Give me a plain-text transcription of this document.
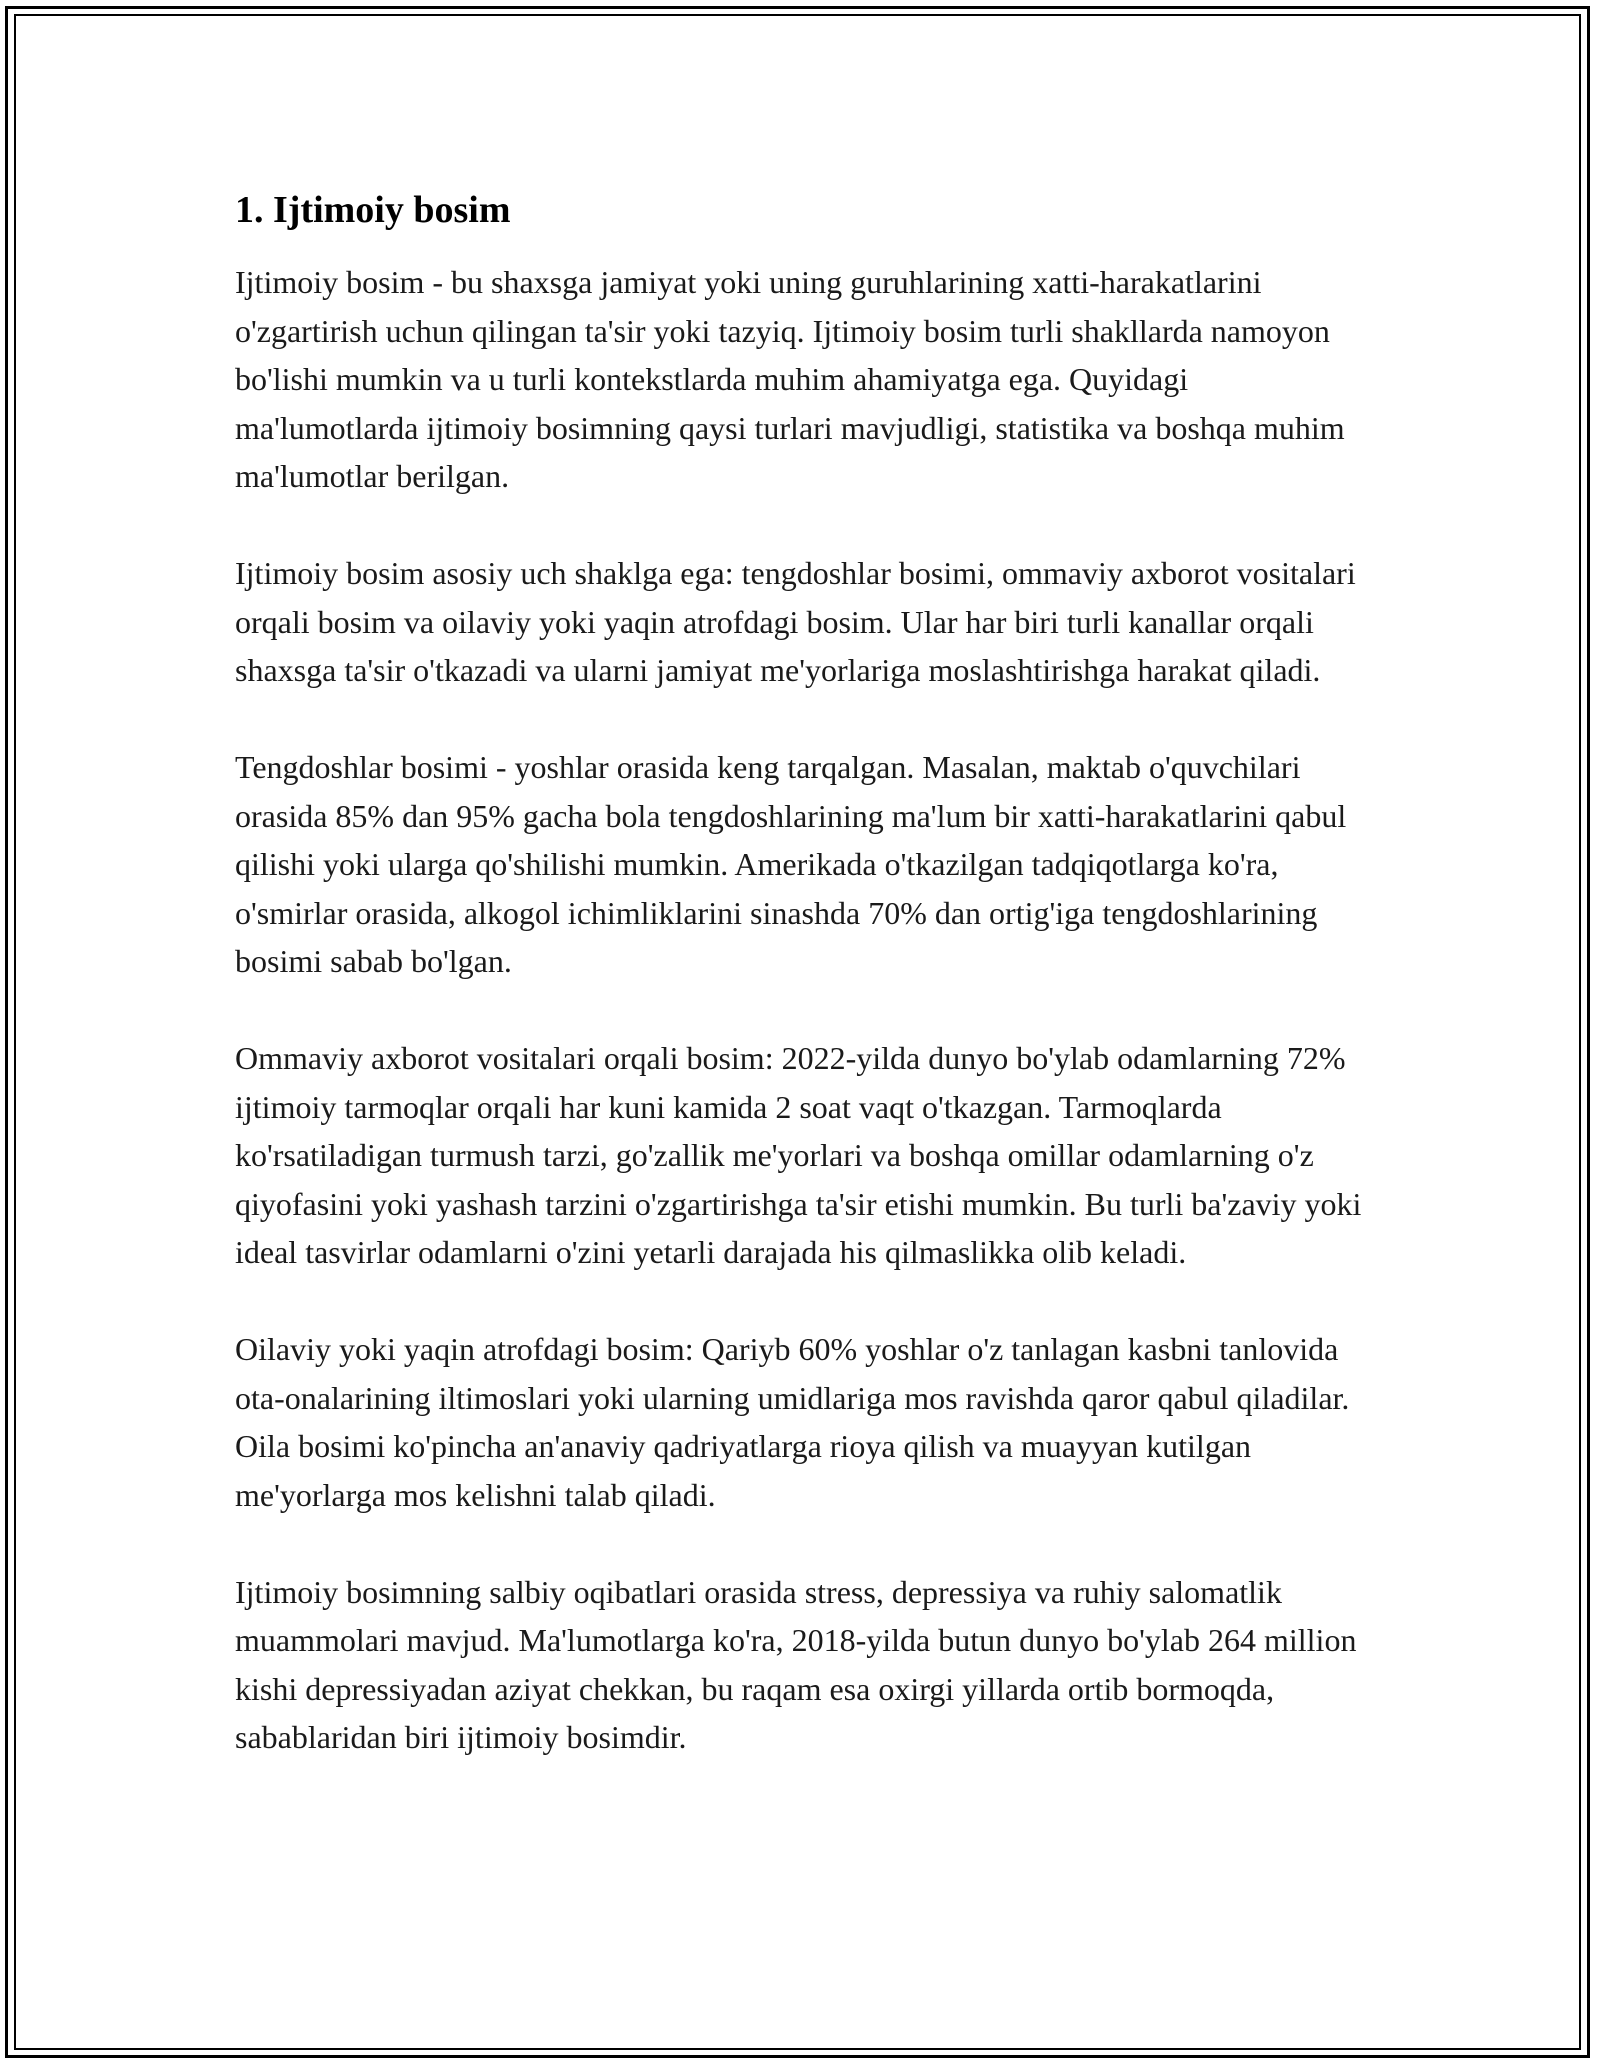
1. Ijtimoiy bosim

Ijtimoiy bosim - bu shaxsga jamiyat yoki uning guruhlarining xatti-harakatlarini o'zgartirish uchun qilingan ta'sir yoki tazyiq. Ijtimoiy bosim turli shakllarda namoyon bo'lishi mumkin va u turli kontekstlarda muhim ahamiyatga ega. Quyidagi ma'lumotlarda ijtimoiy bosimning qaysi turlari mavjudligi, statistika va boshqa muhim ma'lumotlar berilgan.

Ijtimoiy bosim asosiy uch shaklga ega: tengdoshlar bosimi, ommaviy axborot vositalari orqali bosim va oilaviy yoki yaqin atrofdagi bosim. Ular har biri turli kanallar orqali shaxsga ta'sir o'tkazadi va ularni jamiyat me'yorlariga moslashtirishga harakat qiladi.

Tengdoshlar bosimi - yoshlar orasida keng tarqalgan. Masalan, maktab o'quvchilari orasida 85% dan 95% gacha bola tengdoshlarining ma'lum bir xatti-harakatlarini qabul qilishi yoki ularga qo'shilishi mumkin. Amerikada o'tkazilgan tadqiqotlarga ko'ra, o'smirlar orasida, alkogol ichimliklarini sinashda 70% dan ortig'iga tengdoshlarining bosimi sabab bo'lgan.

Ommaviy axborot vositalari orqali bosim: 2022-yilda dunyo bo'ylab odamlarning 72% ijtimoiy tarmoqlar orqali har kuni kamida 2 soat vaqt o'tkazgan. Tarmoqlarda ko'rsatiladigan turmush tarzi, go'zallik me'yorlari va boshqa omillar odamlarning o'z qiyofasini yoki yashash tarzini o'zgartirishga ta'sir etishi mumkin. Bu turli ba'zaviy yoki ideal tasvirlar odamlarni o'zini yetarli darajada his qilmaslikka olib keladi.

Oilaviy yoki yaqin atrofdagi bosim: Qariyb 60% yoshlar o'z tanlagan kasbni tanlovida ota-onalarining iltimoslari yoki ularning umidlariga mos ravishda qaror qabul qiladilar. Oila bosimi ko'pincha an'anaviy qadriyatlarga rioya qilish va muayyan kutilgan me'yorlarga mos kelishni talab qiladi.

Ijtimoiy bosimning salbiy oqibatlari orasida stress, depressiya va ruhiy salomatlik muammolari mavjud. Ma'lumotlarga ko'ra, 2018-yilda butun dunyo bo'ylab 264 million kishi depressiyadan aziyat chekkan, bu raqam esa oxirgi yillarda ortib bormoqda, sabablaridan biri ijtimoiy bosimdir.
